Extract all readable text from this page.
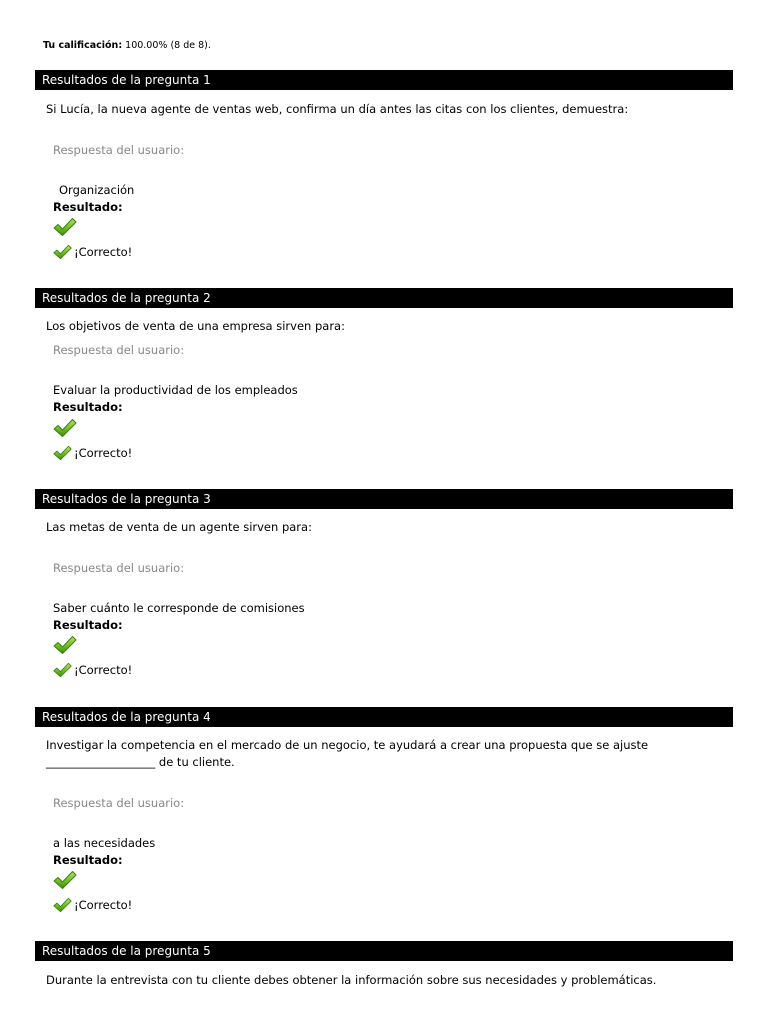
Tu calificación: 100.00% (8 de 8).
Resultados de la pregunta 1
Si Lucía, la nueva agente de ventas web, confirma un día antes las citas con los clientes, demuestra:
Respuesta del usuario:
Organización
Resultado:
¡Correcto!
Resultados de la pregunta 2
Los objetivos de venta de una empresa sirven para:
Respuesta del usuario:
Evaluar la productividad de los empleados
Resultado:
¡Correcto!
Resultados de la pregunta 3
Las metas de venta de un agente sirven para:
Respuesta del usuario:
Saber cuánto le corresponde de comisiones
Resultado:
¡Correcto!
Resultados de la pregunta 4
Investigar la competencia en el mercado de un negocio, te ayudará a crear una propuesta que se ajuste
___________________ de tu cliente.
Respuesta del usuario:
a las necesidades
Resultado:
¡Correcto!
Resultados de la pregunta 5
Durante la entrevista con tu cliente debes obtener la información sobre sus necesidades y problemáticas.
